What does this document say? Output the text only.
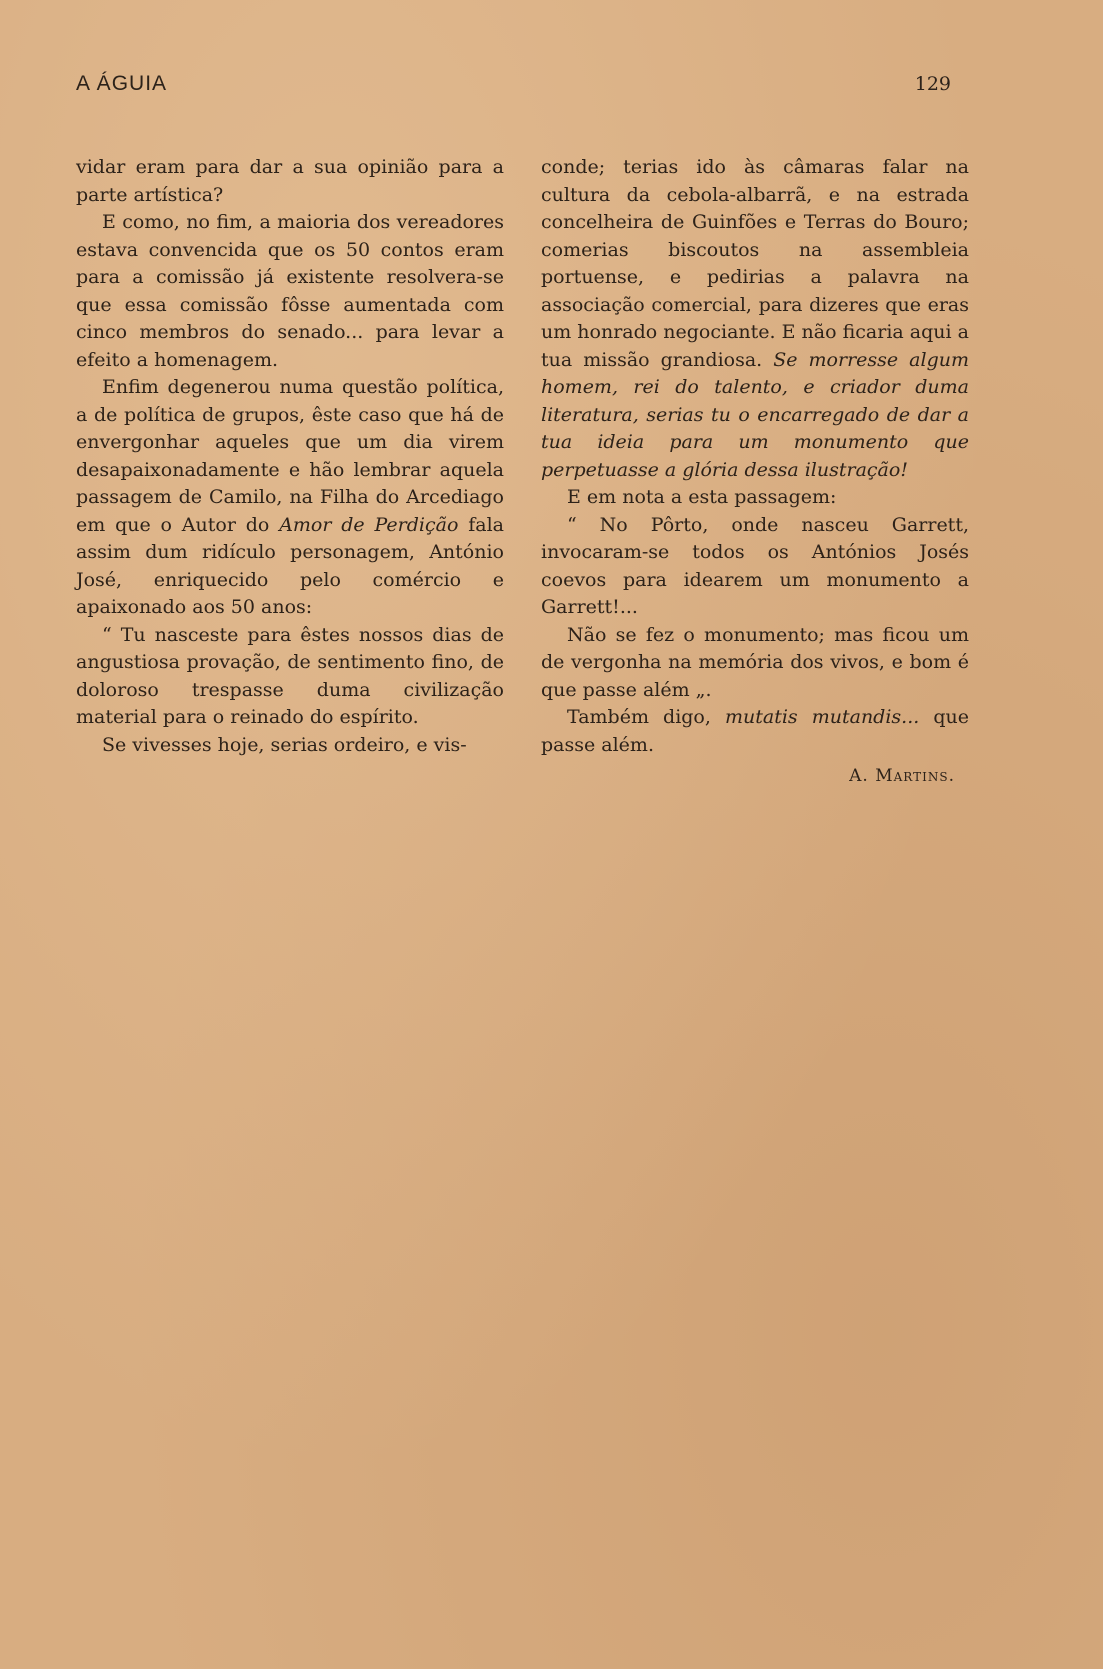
A ÁGUIA	129

vidar eram para dar a sua opinião para a parte artística?

E como, no fim, a maioria dos vereadores estava convencida que os 50 contos eram para a comissão já existente resolvera-se que essa comissão fôsse aumentada com cinco membros do senado... para levar a efeito a homenagem.

Enfim degenerou numa questão política, a de política de grupos, êste caso que há de envergonhar aqueles que um dia virem desapaixonadamente e hão lembrar aquela passagem de Camilo, na Filha do Arcediago em que o Autor do Amor de Perdição fala assim dum ridículo personagem, António José, enriquecido pelo comércio e apaixonado aos 50 anos:

“ Tu nasceste para êstes nossos dias de angustiosa provação, de sentimento fino, de doloroso trespasse duma civilização material para o reinado do espírito.

Se vivesses hoje, serias ordeiro, e vis-

conde; terias ido às câmaras falar na cultura da cebola-albarrã, e na estrada concelheira de Guinfões e Terras do Bouro; comerias biscoutos na assembleia portuense, e pedirias a palavra na associação comercial, para dizeres que eras um honrado negociante. E não ficaria aqui a tua missão grandiosa. Se morresse algum homem, rei do talento, e criador duma literatura, serias tu o encarregado de dar a tua ideia para um monumento que perpetuasse a glória dessa ilustração!

E em nota a esta passagem:

“ No Pôrto, onde nasceu Garrett, invocaram-se todos os Antónios Josés coevos para idearem um monumento a Garrett!...

Não se fez o monumento; mas ficou um de vergonha na memória dos vivos, e bom é que passe além „.

Também digo, mutatis mutandis... que passe além.

A. Martins.
